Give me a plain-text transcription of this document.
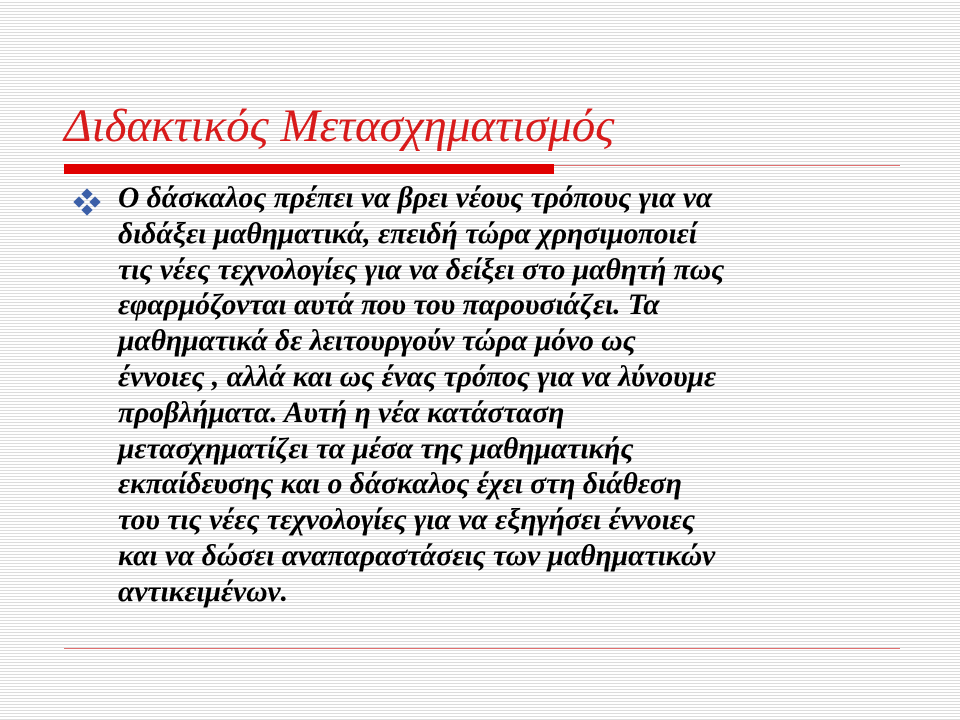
Διδακτικός Μετασχηματισμός

Ο δάσκαλος πρέπει να βρει νέους τρόπους για να
διδάξει μαθηματικά, επειδή τώρα χρησιμοποιεί
τις νέες τεχνολογίες για να δείξει στο μαθητή πως
εφαρμόζονται αυτά που του παρουσιάζει. Τα
μαθηματικά δε λειτουργούν τώρα μόνο ως
έννοιες , αλλά και ως ένας τρόπος για να λύνουμε
προβλήματα. Αυτή η νέα κατάσταση
μετασχηματίζει τα μέσα της μαθηματικής
εκπαίδευσης και ο δάσκαλος έχει στη διάθεση
του τις νέες τεχνολογίες για να εξηγήσει έννοιες
και να δώσει αναπαραστάσεις των μαθηματικών
αντικειμένων.
